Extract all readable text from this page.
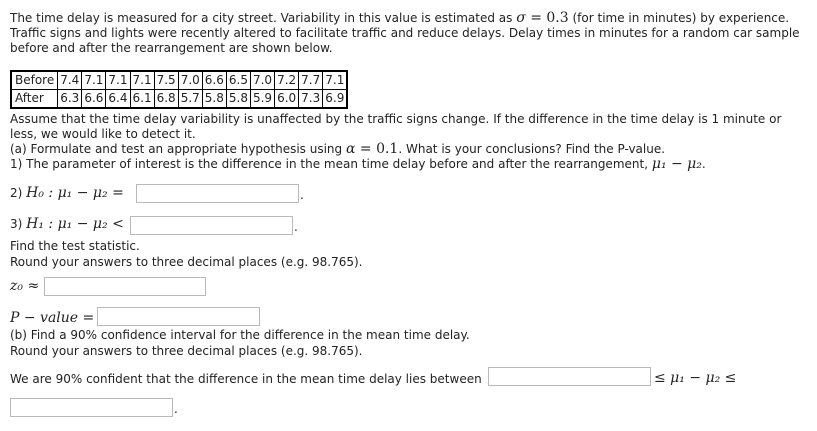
The time delay is measured for a city street. Variability in this value is estimated as σ = 0.3 (for time in minutes) by experience.

Traffic signs and lights were recently altered to facilitate traffic and reduce delays. Delay times in minutes for a random car sample

before and after the rearrangement are shown below.

Before	7.4	7.1	7.1	7.1	7.5	7.0	6.6	6.5	7.0	7.2	7.7	7.1
After	6.3	6.6	6.4	6.1	6.8	5.7	5.8	5.8	5.9	6.0	7.3	6.9

Assume that the time delay variability is unaffected by the traffic signs change. If the difference in the time delay is 1 minute or

less, we would like to detect it.

(a) Formulate and test an appropriate hypothesis using α = 0.1. What is your conclusions? Find the P-value.

1) The parameter of interest is the difference in the mean time delay before and after the rearrangement, μ₁ − μ₂.

2) H₀ : μ₁ − μ₂ =	.
3) H₁ : μ₁ − μ₂ <	.

Find the test statistic.

Round your answers to three decimal places (e.g. 98.765).

z₀ ≈
P − value =

(b) Find a 90% confidence interval for the difference in the mean time delay.

Round your answers to three decimal places (e.g. 98.765).

We are 90% confident that the difference in the mean time delay lies between	≤ μ₁ − μ₂ ≤
.
